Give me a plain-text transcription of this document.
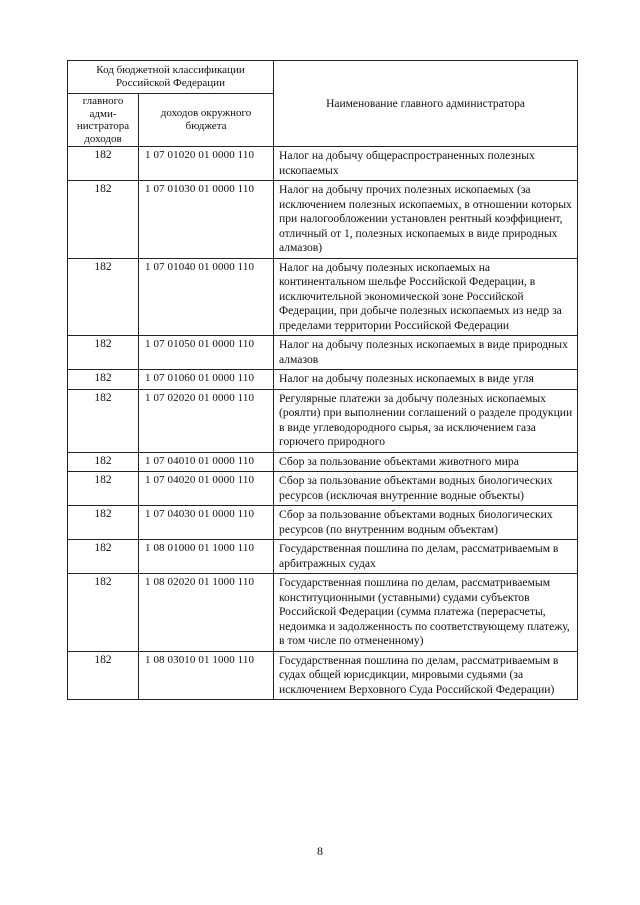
Код бюджетной классификации Российской Федерации		Наименование главного администратора
главного адми-нистратора доходов	доходов окружного бюджета	
182	1 07 01020 01 0000 110	Налог на добычу общераспространенных полезных ископаемых
182	1 07 01030 01 0000 110	Налог на добычу прочих полезных ископаемых (за исключением полезных ископаемых, в отношении которых при налогообложении установлен рентный коэффициент, отличный от 1, полезных ископаемых в виде природных алмазов)
182	1 07 01040 01 0000 110	Налог на добычу полезных ископаемых на континентальном шельфе Российской Федерации, в исключительной экономической зоне Российской Федерации, при добыче полезных ископаемых из недр за пределами территории Российской Федерации
182	1 07 01050 01 0000 110	Налог на добычу полезных ископаемых в виде природных алмазов
182	1 07 01060 01 0000 110	Налог на добычу полезных ископаемых в виде угля
182	1 07 02020 01 0000 110	Регулярные платежи за добычу полезных ископаемых (роялти) при выполнении соглашений о разделе продукции в виде углеводородного сырья, за исключением газа горючего природного
182	1 07 04010 01 0000 110	Сбор за пользование объектами животного мира
182	1 07 04020 01 0000 110	Сбор за пользование объектами водных биологических ресурсов (исключая внутренние водные объекты)
182	1 07 04030 01 0000 110	Сбор за пользование объектами водных биологических ресурсов (по внутренним водным объектам)
182	1 08 01000 01 1000 110	Государственная пошлина по делам, рассматриваемым в арбитражных судах
182	1 08 02020 01 1000 110	Государственная пошлина по делам, рассматриваемым конституционными (уставными) судами субъектов Российской Федерации (сумма платежа (перерасчеты, недоимка и задолженность по соответствующему платежу, в том числе по отмененному)
182	1 08 03010 01 1000 110	Государственная пошлина по делам, рассматриваемым в судах общей юрисдикции, мировыми судьями (за исключением Верховного Суда Российской Федерации)
8
